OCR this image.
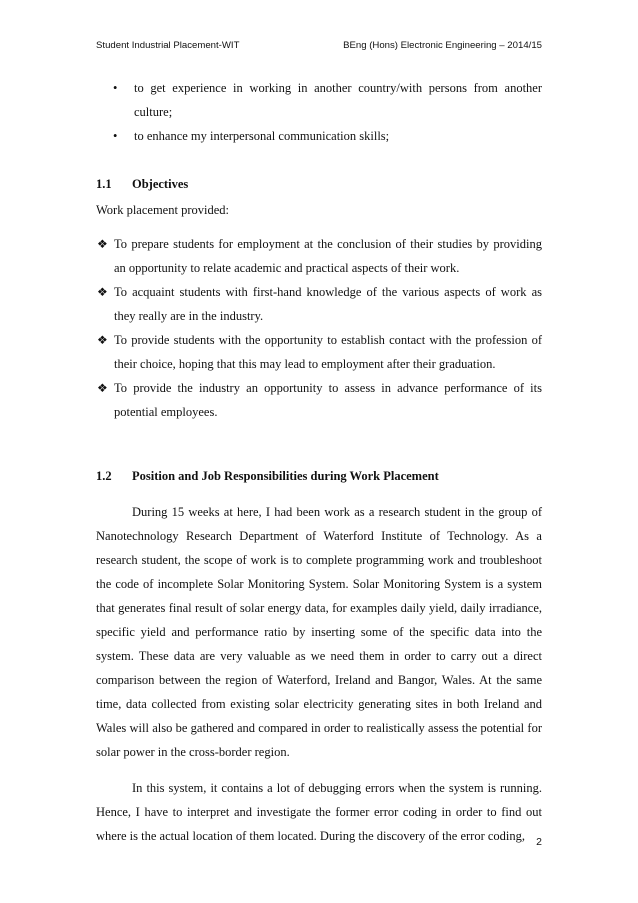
Student Industrial Placement-WIT	BEng (Hons) Electronic Engineering – 2014/15

• to get experience in working in another country/with persons from another culture;

• to enhance my interpersonal communication skills;

1.1 Objectives

Work placement provided:

❖ To prepare students for employment at the conclusion of their studies by providing an opportunity to relate academic and practical aspects of their work.

❖ To acquaint students with first-hand knowledge of the various aspects of work as they really are in the industry.

❖ To provide students with the opportunity to establish contact with the profession of their choice, hoping that this may lead to employment after their graduation.

❖ To provide the industry an opportunity to assess in advance performance of its potential employees.

1.2 Position and Job Responsibilities during Work Placement

During 15 weeks at here, I had been work as a research student in the group of Nanotechnology Research Department of Waterford Institute of Technology. As a research student, the scope of work is to complete programming work and troubleshoot the code of incomplete Solar Monitoring System. Solar Monitoring System is a system that generates final result of solar energy data, for examples daily yield, daily irradiance, specific yield and performance ratio by inserting some of the specific data into the system. These data are very valuable as we need them in order to carry out a direct comparison between the region of Waterford, Ireland and Bangor, Wales. At the same time, data collected from existing solar electricity generating sites in both Ireland and Wales will also be gathered and compared in order to realistically assess the potential for solar power in the cross-border region.

In this system, it contains a lot of debugging errors when the system is running. Hence, I have to interpret and investigate the former error coding in order to find out where is the actual location of them located. During the discovery of the error coding,	2
